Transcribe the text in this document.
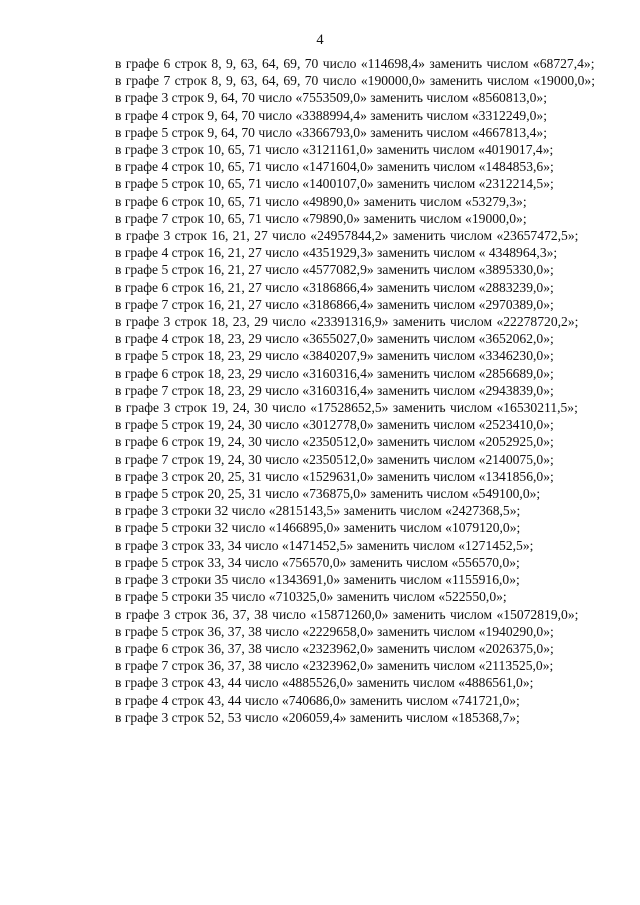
4

в графе 6 строк 8, 9, 63, 64, 69, 70 число «114698,4» заменить числом «68727,4»;

в графе 7 строк 8, 9, 63, 64, 69, 70 число «190000,0» заменить числом «19000,0»;

в графе 3 строк 9, 64, 70 число «7553509,0» заменить числом «8560813,0»;

в графе 4 строк 9, 64, 70 число «3388994,4» заменить числом «3312249,0»;

в графе 5 строк 9, 64, 70 число «3366793,0» заменить числом «4667813,4»;

в графе 3 строк 10, 65, 71 число «3121161,0» заменить числом «4019017,4»;

в графе 4 строк 10, 65, 71 число «1471604,0» заменить числом «1484853,6»;

в графе 5 строк 10, 65, 71 число «1400107,0» заменить числом «2312214,5»;

в графе 6 строк 10, 65, 71 число «49890,0» заменить числом «53279,3»;

в графе 7 строк 10, 65, 71 число «79890,0» заменить числом «19000,0»;

в графе 3 строк 16, 21, 27 число «24957844,2» заменить числом «23657472,5»;

в графе 4 строк 16, 21, 27 число «4351929,3» заменить числом « 4348964,3»;

в графе 5 строк 16, 21, 27 число «4577082,9» заменить числом «3895330,0»;

в графе 6 строк 16, 21, 27 число «3186866,4» заменить числом «2883239,0»;

в графе 7 строк 16, 21, 27 число «3186866,4» заменить числом «2970389,0»;

в графе 3 строк 18, 23, 29 число «23391316,9» заменить числом «22278720,2»;

в графе 4 строк 18, 23, 29 число «3655027,0» заменить числом «3652062,0»;

в графе 5 строк 18, 23, 29 число «3840207,9» заменить числом «3346230,0»;

в графе 6 строк 18, 23, 29 число «3160316,4» заменить числом «2856689,0»;

в графе 7 строк 18, 23, 29 число «3160316,4» заменить числом «2943839,0»;

в графе 3 строк 19, 24, 30 число «17528652,5» заменить числом «16530211,5»;

в графе 5 строк 19, 24, 30 число «3012778,0» заменить числом «2523410,0»;

в графе 6 строк 19, 24, 30 число «2350512,0» заменить числом «2052925,0»;

в графе 7 строк 19, 24, 30 число «2350512,0» заменить числом «2140075,0»;

в графе 3 строк 20, 25, 31 число «1529631,0» заменить числом «1341856,0»;

в графе 5 строк 20, 25, 31 число «736875,0» заменить числом «549100,0»;

в графе 3 строки 32 число «2815143,5» заменить числом «2427368,5»;

в графе 5 строки 32 число «1466895,0» заменить числом «1079120,0»;

в графе 3 строк 33, 34 число «1471452,5» заменить числом «1271452,5»;

в графе 5 строк 33, 34 число «756570,0» заменить числом «556570,0»;

в графе 3 строки 35 число «1343691,0» заменить числом «1155916,0»;

в графе 5 строки 35 число «710325,0» заменить числом «522550,0»;

в графе 3 строк 36, 37, 38 число «15871260,0» заменить числом «15072819,0»;

в графе 5 строк 36, 37, 38 число «2229658,0» заменить числом «1940290,0»;

в графе 6 строк 36, 37, 38 число «2323962,0» заменить числом «2026375,0»;

в графе 7 строк 36, 37, 38 число «2323962,0» заменить числом «2113525,0»;

в графе 3 строк 43, 44 число «4885526,0» заменить числом «4886561,0»;

в графе 4 строк 43, 44 число «740686,0» заменить числом «741721,0»;

в графе 3 строк 52, 53 число «206059,4» заменить числом «185368,7»;
